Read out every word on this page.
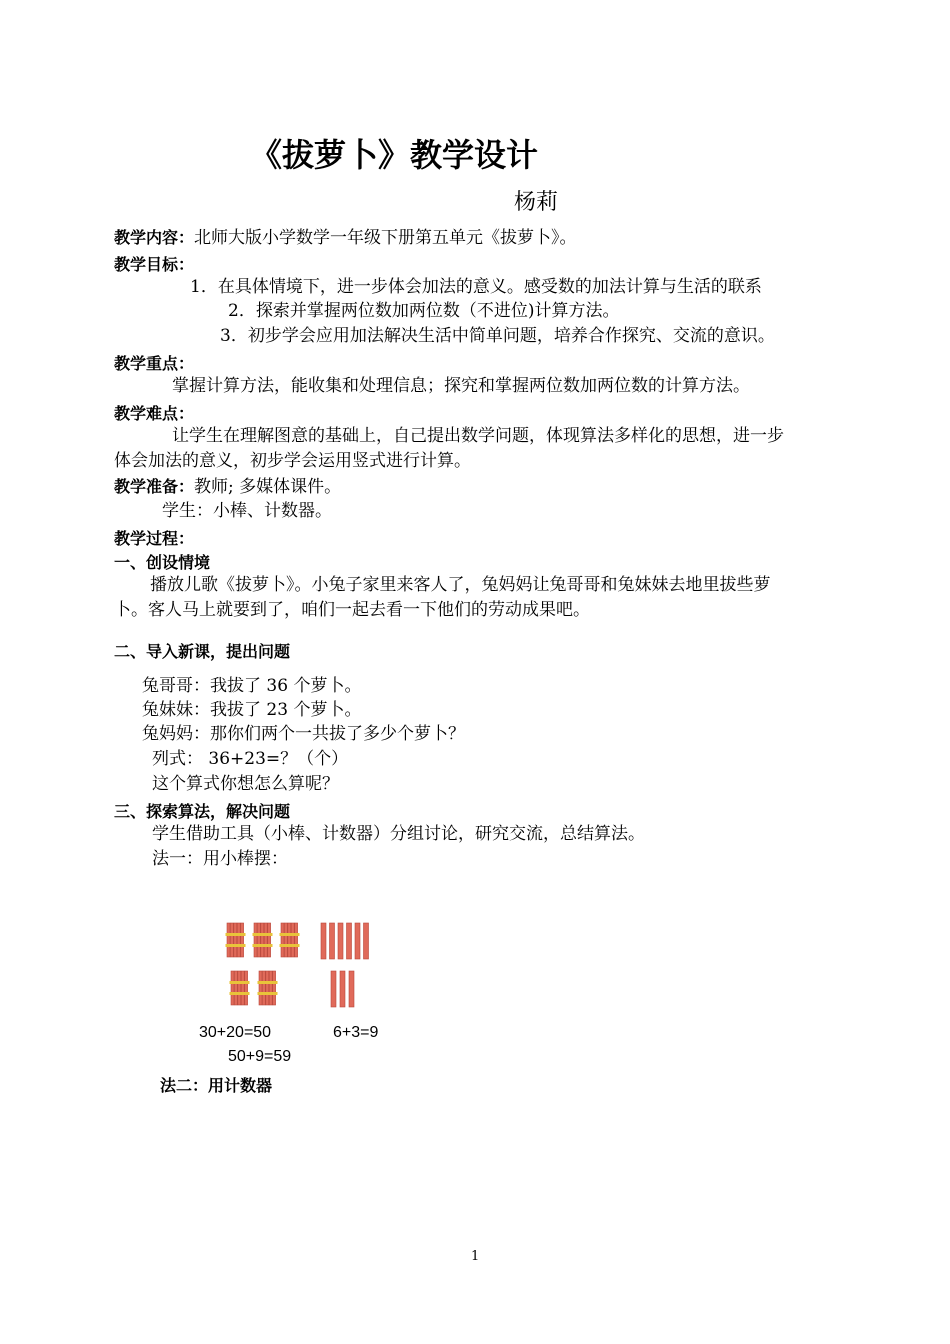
《拔萝卜》教学设计
杨莉
教学内容：北师大版小学数学一年级下册第五单元《拔萝卜》。
教学目标：
1．在具体情境下，进一步体会加法的意义。感受数的加法计算与生活的联系
2．探索并掌握两位数加两位数（不进位)计算方法。
3．初步学会应用加法解决生活中简单问题，培养合作探究、交流的意识。
教学重点：
掌握计算方法，能收集和处理信息；探究和掌握两位数加两位数的计算方法。
教学难点：
让学生在理解图意的基础上，自己提出数学问题，体现算法多样化的思想，进一步
体会加法的意义，初步学会运用竖式进行计算。
教学准备：教师; 多媒体课件。
学生：小棒、计数器。
教学过程：
一、创设情境
播放儿歌《拔萝卜》。小兔子家里来客人了，兔妈妈让兔哥哥和兔妹妹去地里拔些萝
卜。客人马上就要到了，咱们一起去看一下他们的劳动成果吧。
二、导入新课，提出问题
兔哥哥：我拔了 36 个萝卜。
兔妹妹：我拔了 23 个萝卜。
兔妈妈：那你们两个一共拔了多少个萝卜？
列式： 36+23=？（个）
这个算式你想怎么算呢？
三、探索算法，解决问题
学生借助工具（小棒、计数器）分组讨论，研究交流，总结算法。
法一：用小棒摆：
30+20=50	6+3=9
50+9=59
法二：用计数器
1
